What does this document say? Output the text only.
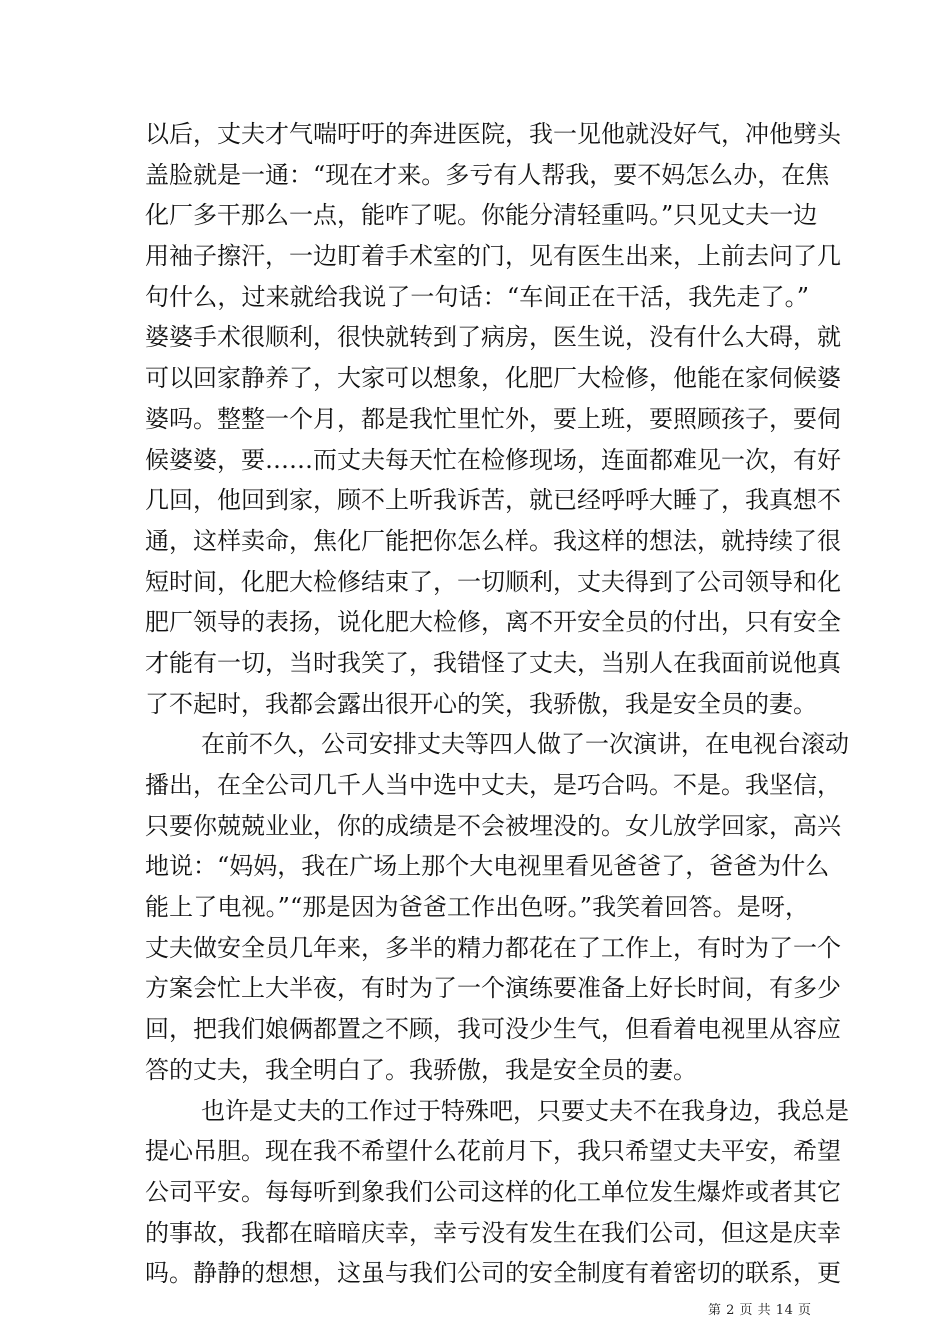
以后，丈夫才气喘吁吁的奔进医院，我一见他就没好气，冲他劈头
盖脸就是一通：“现在才来。多亏有人帮我，要不妈怎么办，在焦
化厂多干那么一点，能咋了呢。你能分清轻重吗。”只见丈夫一边
用袖子擦汗，一边盯着手术室的门，见有医生出来，上前去问了几
句什么，过来就给我说了一句话：“车间正在干活，我先走了。”
婆婆手术很顺利，很快就转到了病房，医生说，没有什么大碍，就
可以回家静养了，大家可以想象，化肥厂大检修，他能在家伺候婆
婆吗。整整一个月，都是我忙里忙外，要上班，要照顾孩子，要伺
候婆婆，要……而丈夫每天忙在检修现场，连面都难见一次，有好
几回，他回到家，顾不上听我诉苦，就已经呼呼大睡了，我真想不
通，这样卖命，焦化厂能把你怎么样。我这样的想法，就持续了很
短时间，化肥大检修结束了，一切顺利，丈夫得到了公司领导和化
肥厂领导的表扬，说化肥大检修，离不开安全员的付出，只有安全
才能有一切，当时我笑了，我错怪了丈夫，当别人在我面前说他真
了不起时，我都会露出很开心的笑，我骄傲，我是安全员的妻。
在前不久，公司安排丈夫等四人做了一次演讲，在电视台滚动
播出，在全公司几千人当中选中丈夫，是巧合吗。不是。我坚信，
只要你兢兢业业，你的成绩是不会被埋没的。女儿放学回家，高兴
地说：“妈妈，我在广场上那个大电视里看见爸爸了，爸爸为什么
能上了电视。”“那是因为爸爸工作出色呀。”我笑着回答。是呀，
丈夫做安全员几年来，多半的精力都花在了工作上，有时为了一个
方案会忙上大半夜，有时为了一个演练要准备上好长时间，有多少
回，把我们娘俩都置之不顾，我可没少生气，但看着电视里从容应
答的丈夫，我全明白了。我骄傲，我是安全员的妻。
也许是丈夫的工作过于特殊吧，只要丈夫不在我身边，我总是
提心吊胆。现在我不希望什么花前月下，我只希望丈夫平安，希望
公司平安。每每听到象我们公司这样的化工单位发生爆炸或者其它
的事故，我都在暗暗庆幸，幸亏没有发生在我们公司，但这是庆幸
吗。静静的想想，这虽与我们公司的安全制度有着密切的联系，更
第 2 页 共 14 页
